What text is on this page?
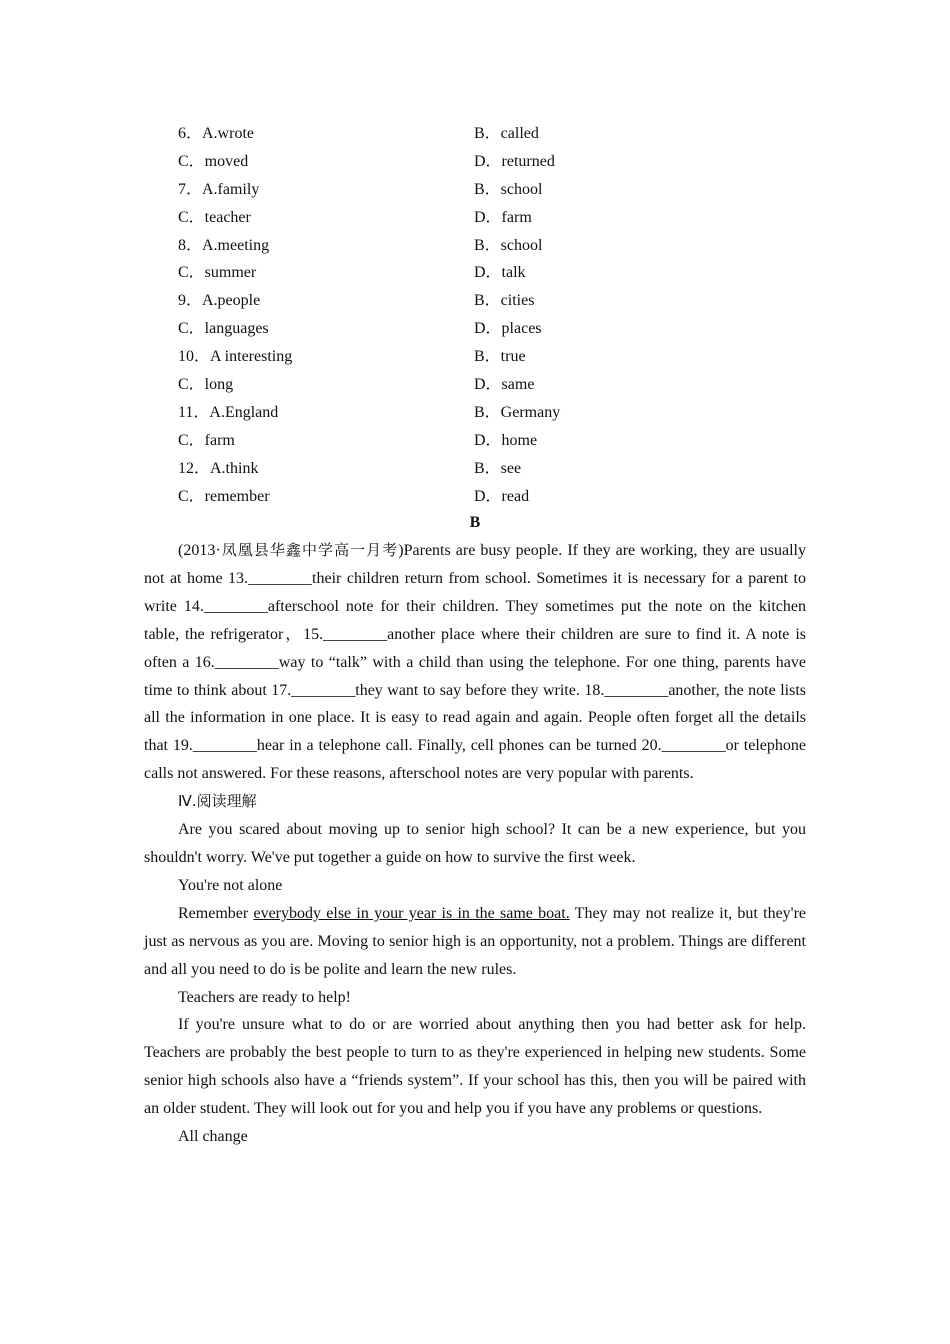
6．A.wrote	B．called
C．moved	D．returned
7．A.family	B．school
C．teacher	D．farm
8．A.meeting	B．school
C．summer	D．talk
9．A.people	B．cities
C．languages	D．places
10．A interesting	B．true
C．long	D．same
11．A.England	B．Germany
C．farm	D．home
12．A.think	B．see
C．remember	D．read
B

(2013·凤凰县华鑫中学高一月考)Parents are busy people. If they are working, they are usually not at home 13.________their children return from school. Sometimes it is necessary for a parent to write 14.________afterschool note for their children. They sometimes put the note on the kitchen table, the refrigerator，15.________another place where their children are sure to find it. A note is often a 16.________way to “talk” with a child than using the telephone. For one thing, parents have time to think about 17.________they want to say before they write. 18.________another, the note lists all the information in one place. It is easy to read again and again. People often forget all the details that 19.________hear in a telephone call. Finally, cell phones can be turned 20.________or telephone calls not answered. For these reasons, afterschool notes are very popular with parents.

Ⅳ.阅读理解

Are you scared about moving up to senior high school? It can be a new experience, but you shouldn't worry. We've put together a guide on how to survive the first week.

You're not alone

Remember everybody else in your year is in the same boat. They may not realize it, but they're just as nervous as you are. Moving to senior high is an opportunity, not a problem. Things are different and all you need to do is be polite and learn the new rules.

Teachers are ready to help!

If you're unsure what to do or are worried about anything then you had better ask for help. Teachers are probably the best people to turn to as they're experienced in helping new students. Some senior high schools also have a “friends system”. If your school has this, then you will be paired with an older student. They will look out for you and help you if you have any problems or questions.

All change
